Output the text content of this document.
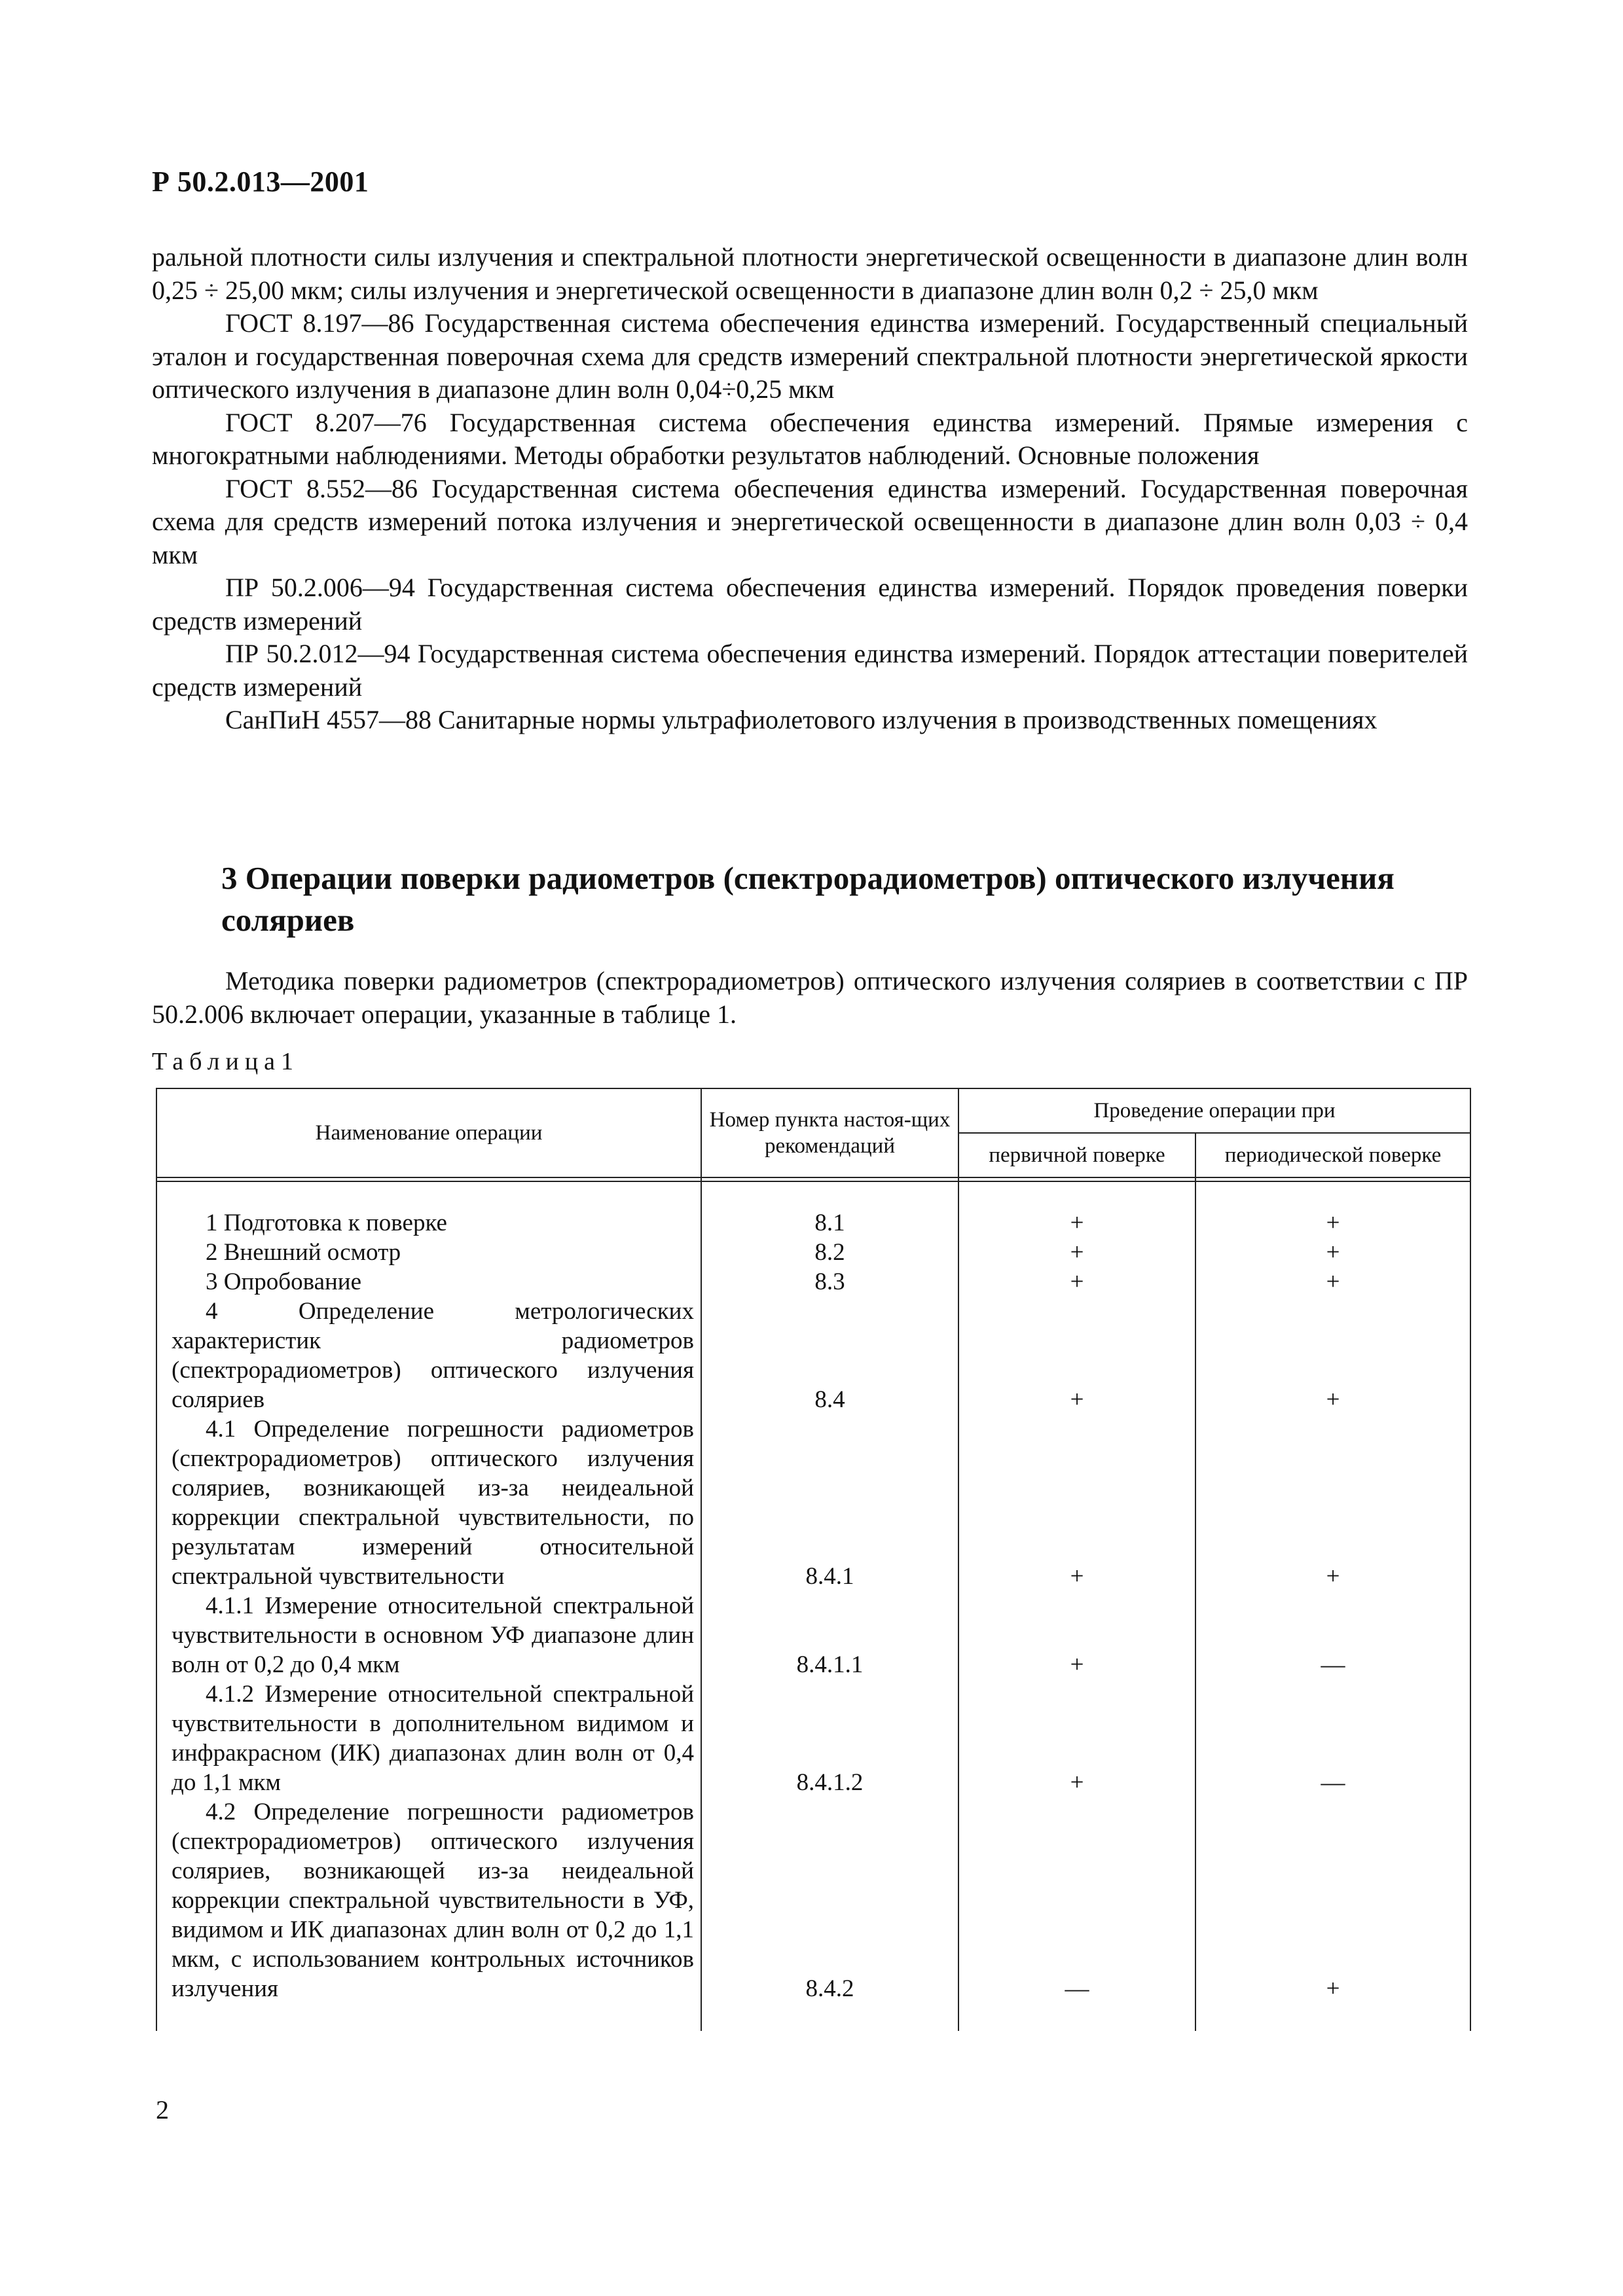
Р 50.2.013—2001

ральной плотности силы излучения и спектральной плотности энергетической освещенности в диапазоне длин волн 0,25 ÷ 25,00 мкм; силы излучения и энергетической освещенности в диапазоне длин волн 0,2 ÷ 25,0 мкм

ГОСТ 8.197—86 Государственная система обеспечения единства измерений. Государственный специальный эталон и государственная поверочная схема для средств измерений спектральной плотности энергетической яркости оптического излучения в диапазоне длин волн 0,04÷0,25 мкм

ГОСТ 8.207—76 Государственная система обеспечения единства измерений. Прямые измерения с многократными наблюдениями. Методы обработки результатов наблюдений. Основные положения

ГОСТ 8.552—86 Государственная система обеспечения единства измерений. Государственная поверочная схема для средств измерений потока излучения и энергетической освещенности в диапазоне длин волн 0,03 ÷ 0,4 мкм

ПР 50.2.006—94 Государственная система обеспечения единства измерений. Порядок проведения поверки средств измерений

ПР 50.2.012—94 Государственная система обеспечения единства измерений. Порядок аттестации поверителей средств измерений

СанПиН 4557—88 Санитарные нормы ультрафиолетового излучения в производственных помещениях

3 Операции поверки радиометров (спектрорадиометров) оптического излучения соляриев

Методика поверки радиометров (спектрорадиометров) оптического излучения соляриев в соответствии с ПР 50.2.006 включает операции, указанные в таблице 1.

Таблица1
Наименование операции	Номер пункта настоя-щих рекомендаций	Проведение операции при	
		первичной поверке	периодической поверке

1 Подготовка к поверке	8.1	+	+

2 Внешний осмотр	8.2	+	+

3 Опробование	8.3	+	+

4 Определение метрологических характеристик радиометров (спектрорадиометров) оптического излучения соляриев	8.4	+	+

4.1 Определение погрешности радиометров (спектрорадиометров) оптического излучения соляриев, возникающей из-за неидеальной коррекции спектральной чувствительности, по результатам измерений относительной спектральной чувствительности	8.4.1	+	+

4.1.1 Измерение относительной спектральной чувствительности в основном УФ диапазоне длин волн от 0,2 до 0,4 мкм	8.4.1.1	+	—

4.1.2 Измерение относительной спектральной чувствительности в дополнительном видимом и инфракрасном (ИК) диапазонах длин волн от 0,4 до 1,1 мкм	8.4.1.2	+	—

4.2 Определение погрешности радиометров (спектрорадиометров) оптического излучения соляриев, возникающей из-за неидеальной коррекции спектральной чувствительности в УФ, видимом и ИК диапазонах длин волн от 0,2 до 1,1 мкм, с использованием контрольных источников излучения	8.4.2	—	+
2
